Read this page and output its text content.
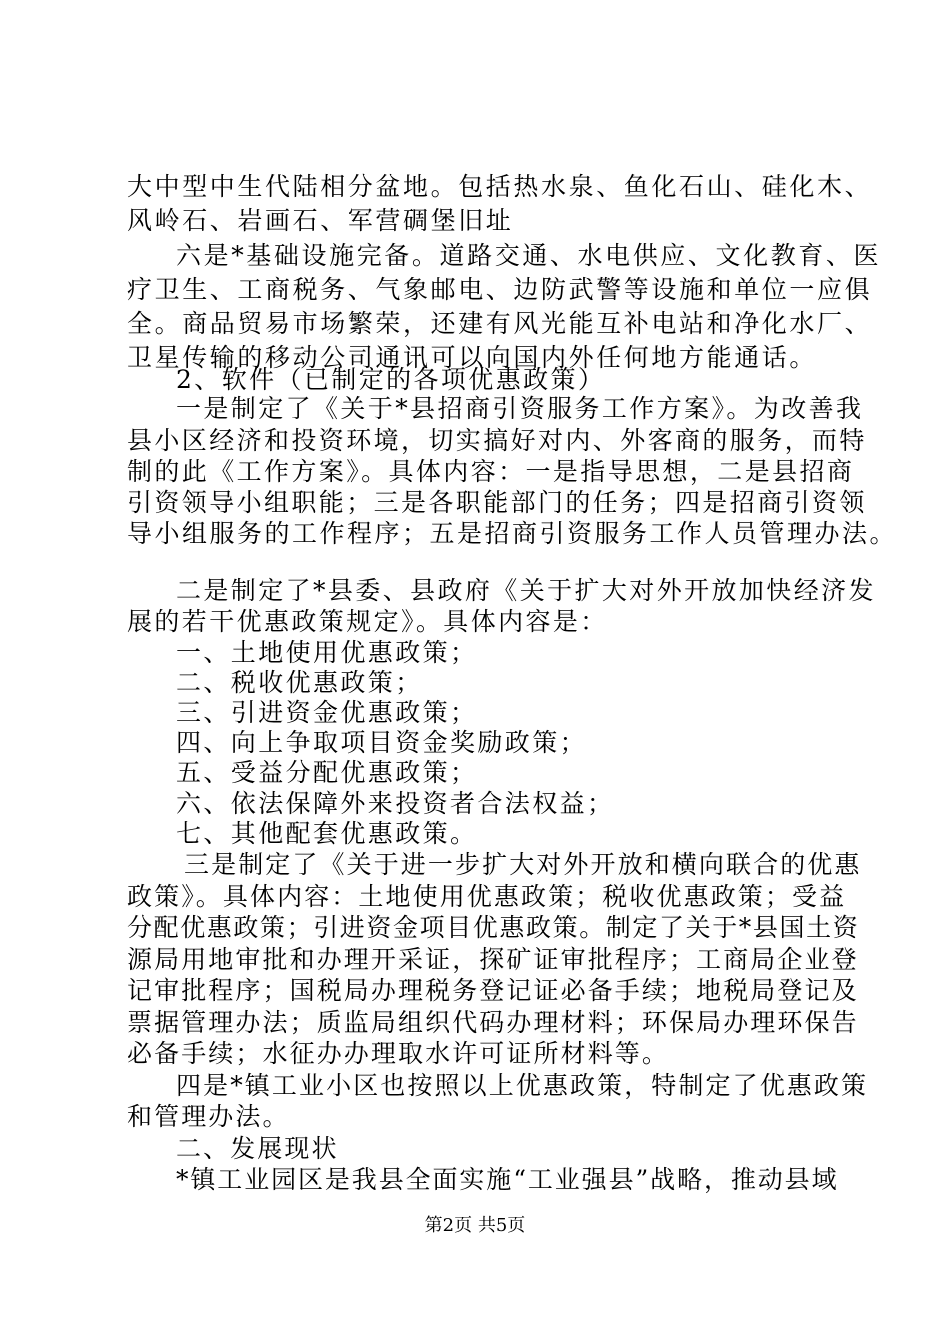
大中型中生代陆相分盆地。包括热水泉、鱼化石山、硅化木、
风岭石、岩画石、军营碉堡旧址
六是*基础设施完备。道路交通、水电供应、文化教育、医
疗卫生、工商税务、气象邮电、边防武警等设施和单位一应俱
全。商品贸易市场繁荣，还建有风光能互补电站和净化水厂、
卫星传输的移动公司通讯可以向国内外任何地方能通话。
2、软件（已制定的各项优惠政策）
一是制定了《关于*县招商引资服务工作方案》。为改善我
县小区经济和投资环境，切实搞好对内、外客商的服务，而特
制的此《工作方案》。具体内容：一是指导思想，二是县招商
引资领导小组职能；三是各职能部门的任务；四是招商引资领
导小组服务的工作程序；五是招商引资服务工作人员管理办法。
二是制定了*县委、县政府《关于扩大对外开放加快经济发
展的若干优惠政策规定》。具体内容是：
一、土地使用优惠政策；
二、税收优惠政策；
三、引进资金优惠政策；
四、向上争取项目资金奖励政策；
五、受益分配优惠政策；
六、依法保障外来投资者合法权益；
七、其他配套优惠政策。
三是制定了《关于进一步扩大对外开放和横向联合的优惠
政策》。具体内容：土地使用优惠政策；税收优惠政策；受益
分配优惠政策；引进资金项目优惠政策。制定了关于*县国土资
源局用地审批和办理开采证，探矿证审批程序；工商局企业登
记审批程序；国税局办理税务登记证必备手续；地税局登记及
票据管理办法；质监局组织代码办理材料；环保局办理环保告
必备手续；水征办办理取水许可证所材料等。
四是*镇工业小区也按照以上优惠政策，特制定了优惠政策
和管理办法。
二、发展现状
*镇工业园区是我县全面实施“工业强县”战略，推动县域
第2页 共5页
